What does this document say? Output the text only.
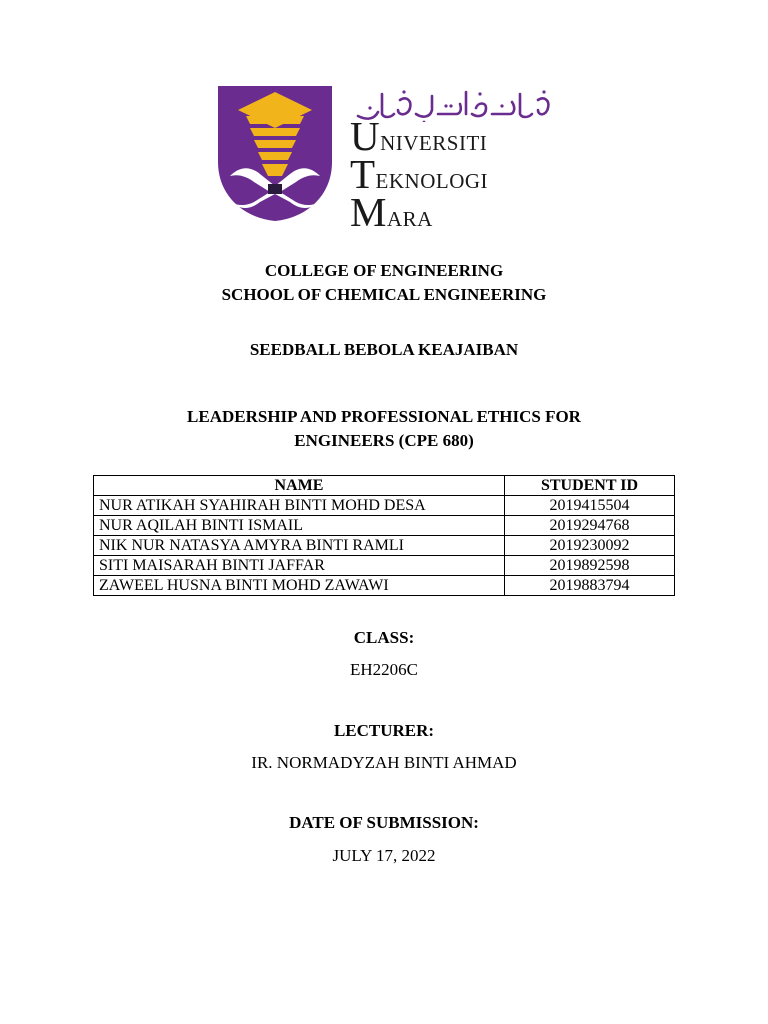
Universiti
Teknologi
Mara
COLLEGE OF ENGINEERING
SCHOOL OF CHEMICAL ENGINEERING
SEEDBALL BEBOLA KEAJAIBAN
LEADERSHIP AND PROFESSIONAL ETHICS FOR
ENGINEERS (CPE 680)
NAME	STUDENT ID
NUR ATIKAH SYAHIRAH BINTI MOHD DESA	2019415504
NUR AQILAH BINTI ISMAIL	2019294768
NIK NUR NATASYA AMYRA BINTI RAMLI	2019230092
SITI MAISARAH BINTI JAFFAR	2019892598
ZAWEEL HUSNA BINTI MOHD ZAWAWI	2019883794
CLASS:
EH2206C
LECTURER:
IR. NORMADYZAH BINTI AHMAD
DATE OF SUBMISSION:
JULY 17, 2022
